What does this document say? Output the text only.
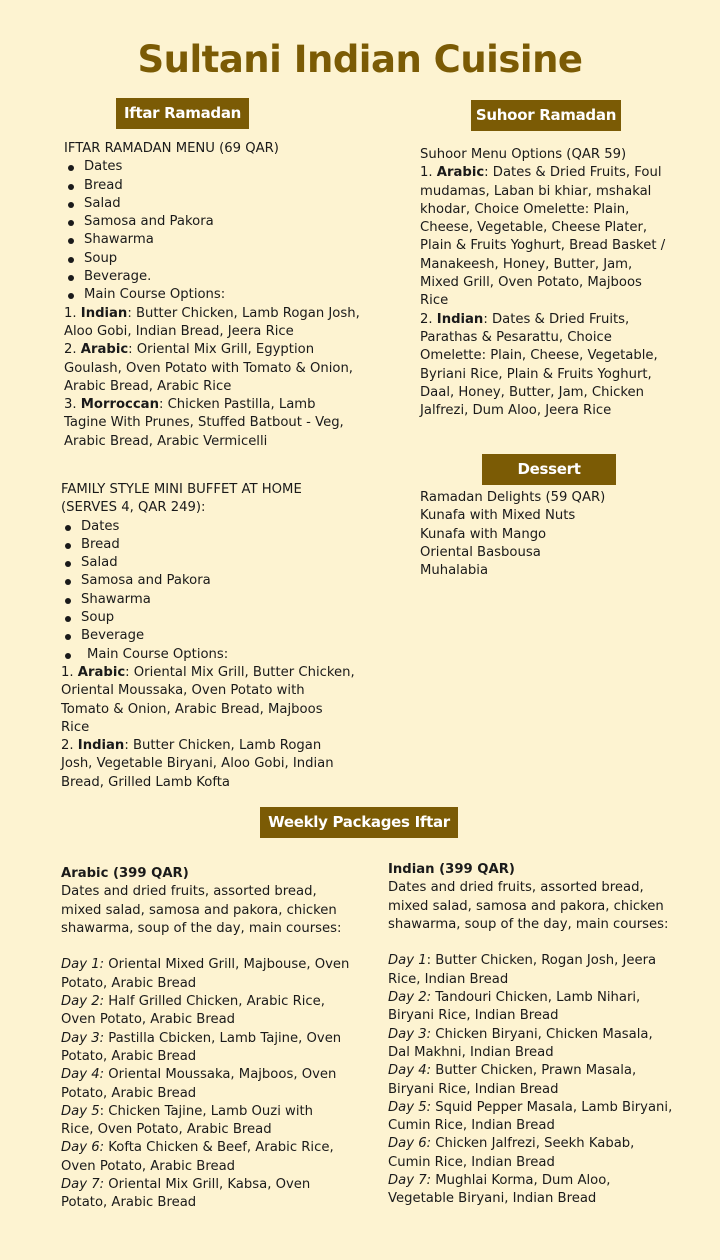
Sultani Indian Cuisine
Iftar Ramadan	Suhoor Ramadan
Dessert
Weekly Packages Iftar
IFTAR RAMADAN MENU (69 QAR)
Dates
Bread
Salad
Samosa and Pakora
Shawarma
Soup
Beverage.
Main Course Options:
1. Indian: Butter Chicken, Lamb Rogan Josh,
Aloo Gobi, Indian Bread, Jeera Rice
2. Arabic: Oriental Mix Grill, Egyption
Goulash, Oven Potato with Tomato & Onion,
Arabic Bread, Arabic Rice
3. Morroccan: Chicken Pastilla, Lamb
Tagine With Prunes, Stuffed Batbout - Veg,
Arabic Bread, Arabic Vermicelli
FAMILY STYLE MINI BUFFET AT HOME
(SERVES 4, QAR 249):
Dates
Bread
Salad
Samosa and Pakora
Shawarma
Soup
Beverage
Main Course Options:
1. Arabic: Oriental Mix Grill, Butter Chicken,
Oriental Moussaka, Oven Potato with
Tomato & Onion, Arabic Bread, Majboos
Rice
2. Indian: Butter Chicken, Lamb Rogan
Josh, Vegetable Biryani, Aloo Gobi, Indian
Bread, Grilled Lamb Kofta
Suhoor Menu Options (QAR 59)
1. Arabic: Dates & Dried Fruits, Foul
mudamas, Laban bi khiar, mshakal
khodar, Choice Omelette: Plain,
Cheese, Vegetable, Cheese Plater,
Plain & Fruits Yoghurt, Bread Basket /
Manakeesh, Honey, Butter, Jam,
Mixed Grill, Oven Potato, Majboos
Rice
2. Indian: Dates & Dried Fruits,
Parathas & Pesarattu, Choice
Omelette: Plain, Cheese, Vegetable,
Byriani Rice, Plain & Fruits Yoghurt,
Daal, Honey, Butter, Jam, Chicken
Jalfrezi, Dum Aloo, Jeera Rice
Ramadan Delights (59 QAR)
Kunafa with Mixed Nuts
Kunafa with Mango
Oriental Basbousa
Muhalabia
Arabic (399 QAR)
Dates and dried fruits, assorted bread,
mixed salad, samosa and pakora, chicken
shawarma, soup of the day, main courses:
Day 1: Oriental Mixed Grill, Majbouse, Oven
Potato, Arabic Bread
Day 2: Half Grilled Chicken, Arabic Rice,
Oven Potato, Arabic Bread
Day 3: Pastilla Cbicken, Lamb Tajine, Oven
Potato, Arabic Bread
Day 4: Oriental Moussaka, Majboos, Oven
Potato, Arabic Bread
Day 5: Chicken Tajine, Lamb Ouzi with
Rice, Oven Potato, Arabic Bread
Day 6: Kofta Chicken & Beef, Arabic Rice,
Oven Potato, Arabic Bread
Day 7: Oriental Mix Grill, Kabsa, Oven
Potato, Arabic Bread
Indian (399 QAR)
Dates and dried fruits, assorted bread,
mixed salad, samosa and pakora, chicken
shawarma, soup of the day, main courses:
Day 1: Butter Chicken, Rogan Josh, Jeera
Rice, Indian Bread
Day 2: Tandouri Chicken, Lamb Nihari,
Biryani Rice, Indian Bread
Day 3: Chicken Biryani, Chicken Masala,
Dal Makhni, Indian Bread
Day 4: Butter Chicken, Prawn Masala,
Biryani Rice, Indian Bread
Day 5: Squid Pepper Masala, Lamb Biryani,
Cumin Rice, Indian Bread
Day 6: Chicken Jalfrezi, Seekh Kabab,
Cumin Rice, Indian Bread
Day 7: Mughlai Korma, Dum Aloo,
Vegetable Biryani, Indian Bread
